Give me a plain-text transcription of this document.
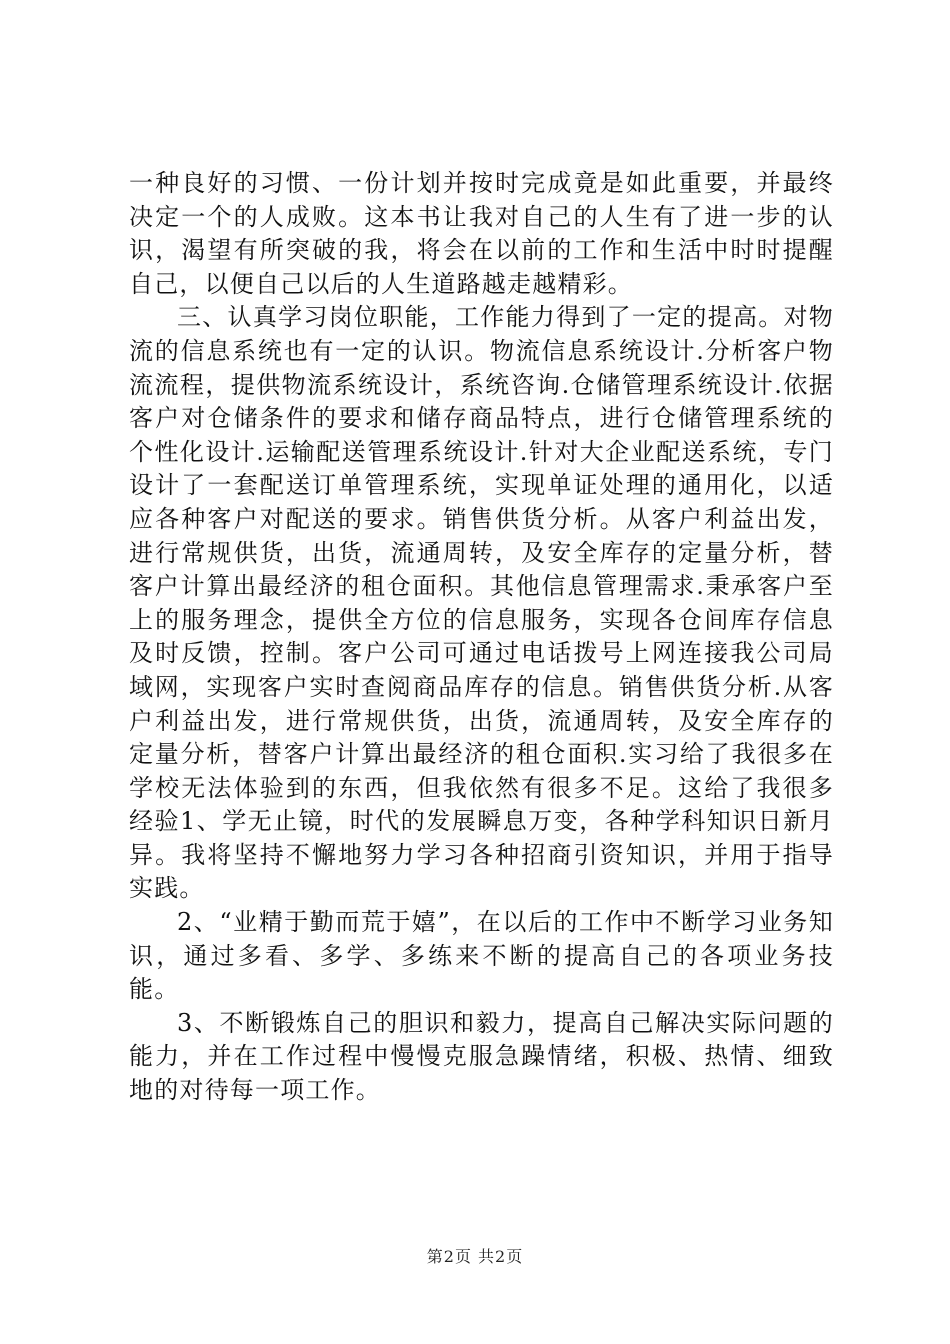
一种良好的习惯、一份计划并按时完成竟是如此重要，并最终决定一个的人成败。这本书让我对自己的人生有了进一步的认识，渴望有所突破的我，将会在以前的工作和生活中时时提醒自己，以便自己以后的人生道路越走越精彩。

三、认真学习岗位职能，工作能力得到了一定的提高。对物流的信息系统也有一定的认识。物流信息系统设计.分析客户物流流程，提供物流系统设计，系统咨询.仓储管理系统设计.依据客户对仓储条件的要求和储存商品特点，进行仓储管理系统的个性化设计.运输配送管理系统设计.针对大企业配送系统，专门设计了一套配送订单管理系统，实现单证处理的通用化，以适应各种客户对配送的要求。销售供货分析。从客户利益出发，进行常规供货，出货，流通周转，及安全库存的定量分析，替客户计算出最经济的租仓面积。其他信息管理需求.秉承客户至上的服务理念，提供全方位的信息服务，实现各仓间库存信息及时反馈，控制。客户公司可通过电话拨号上网连接我公司局域网，实现客户实时查阅商品库存的信息。销售供货分析.从客户利益出发，进行常规供货，出货，流通周转，及安全库存的定量分析，替客户计算出最经济的租仓面积.实习给了我很多在学校无法体验到的东西，但我依然有很多不足。这给了我很多经验1、学无止镜，时代的发展瞬息万变，各种学科知识日新月异。我将坚持不懈地努力学习各种招商引资知识，并用于指导实践。

2、“业精于勤而荒于嬉”，在以后的工作中不断学习业务知识，通过多看、多学、多练来不断的提高自己的各项业务技能。

3、不断锻炼自己的胆识和毅力，提高自己解决实际问题的能力，并在工作过程中慢慢克服急躁情绪，积极、热情、细致地的对待每一项工作。

第2页 共2页
